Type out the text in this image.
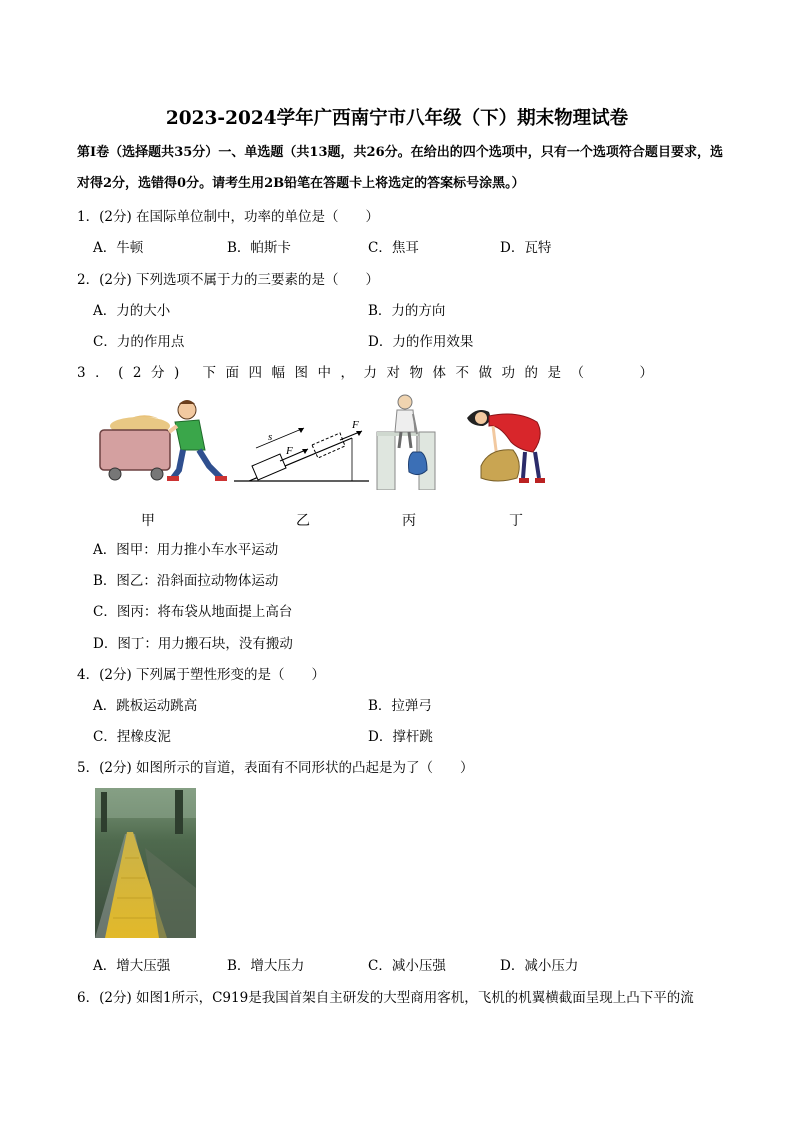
2023-2024学年广西南宁市八年级（下）期末物理试卷
第Ⅰ卷（选择题共35分）一、单选题（共13题，共26分。在给出的四个选项中，只有一个选项符合题目要求，选对得2分，选错得0分。请考生用2B铅笔在答题卡上将选定的答案标号涂黑。）
1．(2分) 在国际单位制中，功率的单位是（　　）
A．牛顿	B．帕斯卡	C．焦耳	D．瓦特
2．(2分) 下列选项不属于力的三要素的是（　　）
A．力的大小	B．力的方向
C．力的作用点	D．力的作用效果
3．(2分) 下面四幅图中，力对物体不做功的是（　　）
s
F
F
甲	乙	丙	丁
A．图甲：用力推小车水平运动
B．图乙：沿斜面拉动物体运动
C．图丙：将布袋从地面提上高台
D．图丁：用力搬石块，没有搬动
4．(2分) 下列属于塑性形变的是（　　）
A．跳板运动跳高	B．拉弹弓
C．捏橡皮泥	D．撑杆跳
5．(2分) 如图所示的盲道，表面有不同形状的凸起是为了（　　）
A．增大压强	B．增大压力	C．减小压强	D．减小压力
6．(2分) 如图1所示，C919是我国首架自主研发的大型商用客机，飞机的机翼横截面呈现上凸下平的流
